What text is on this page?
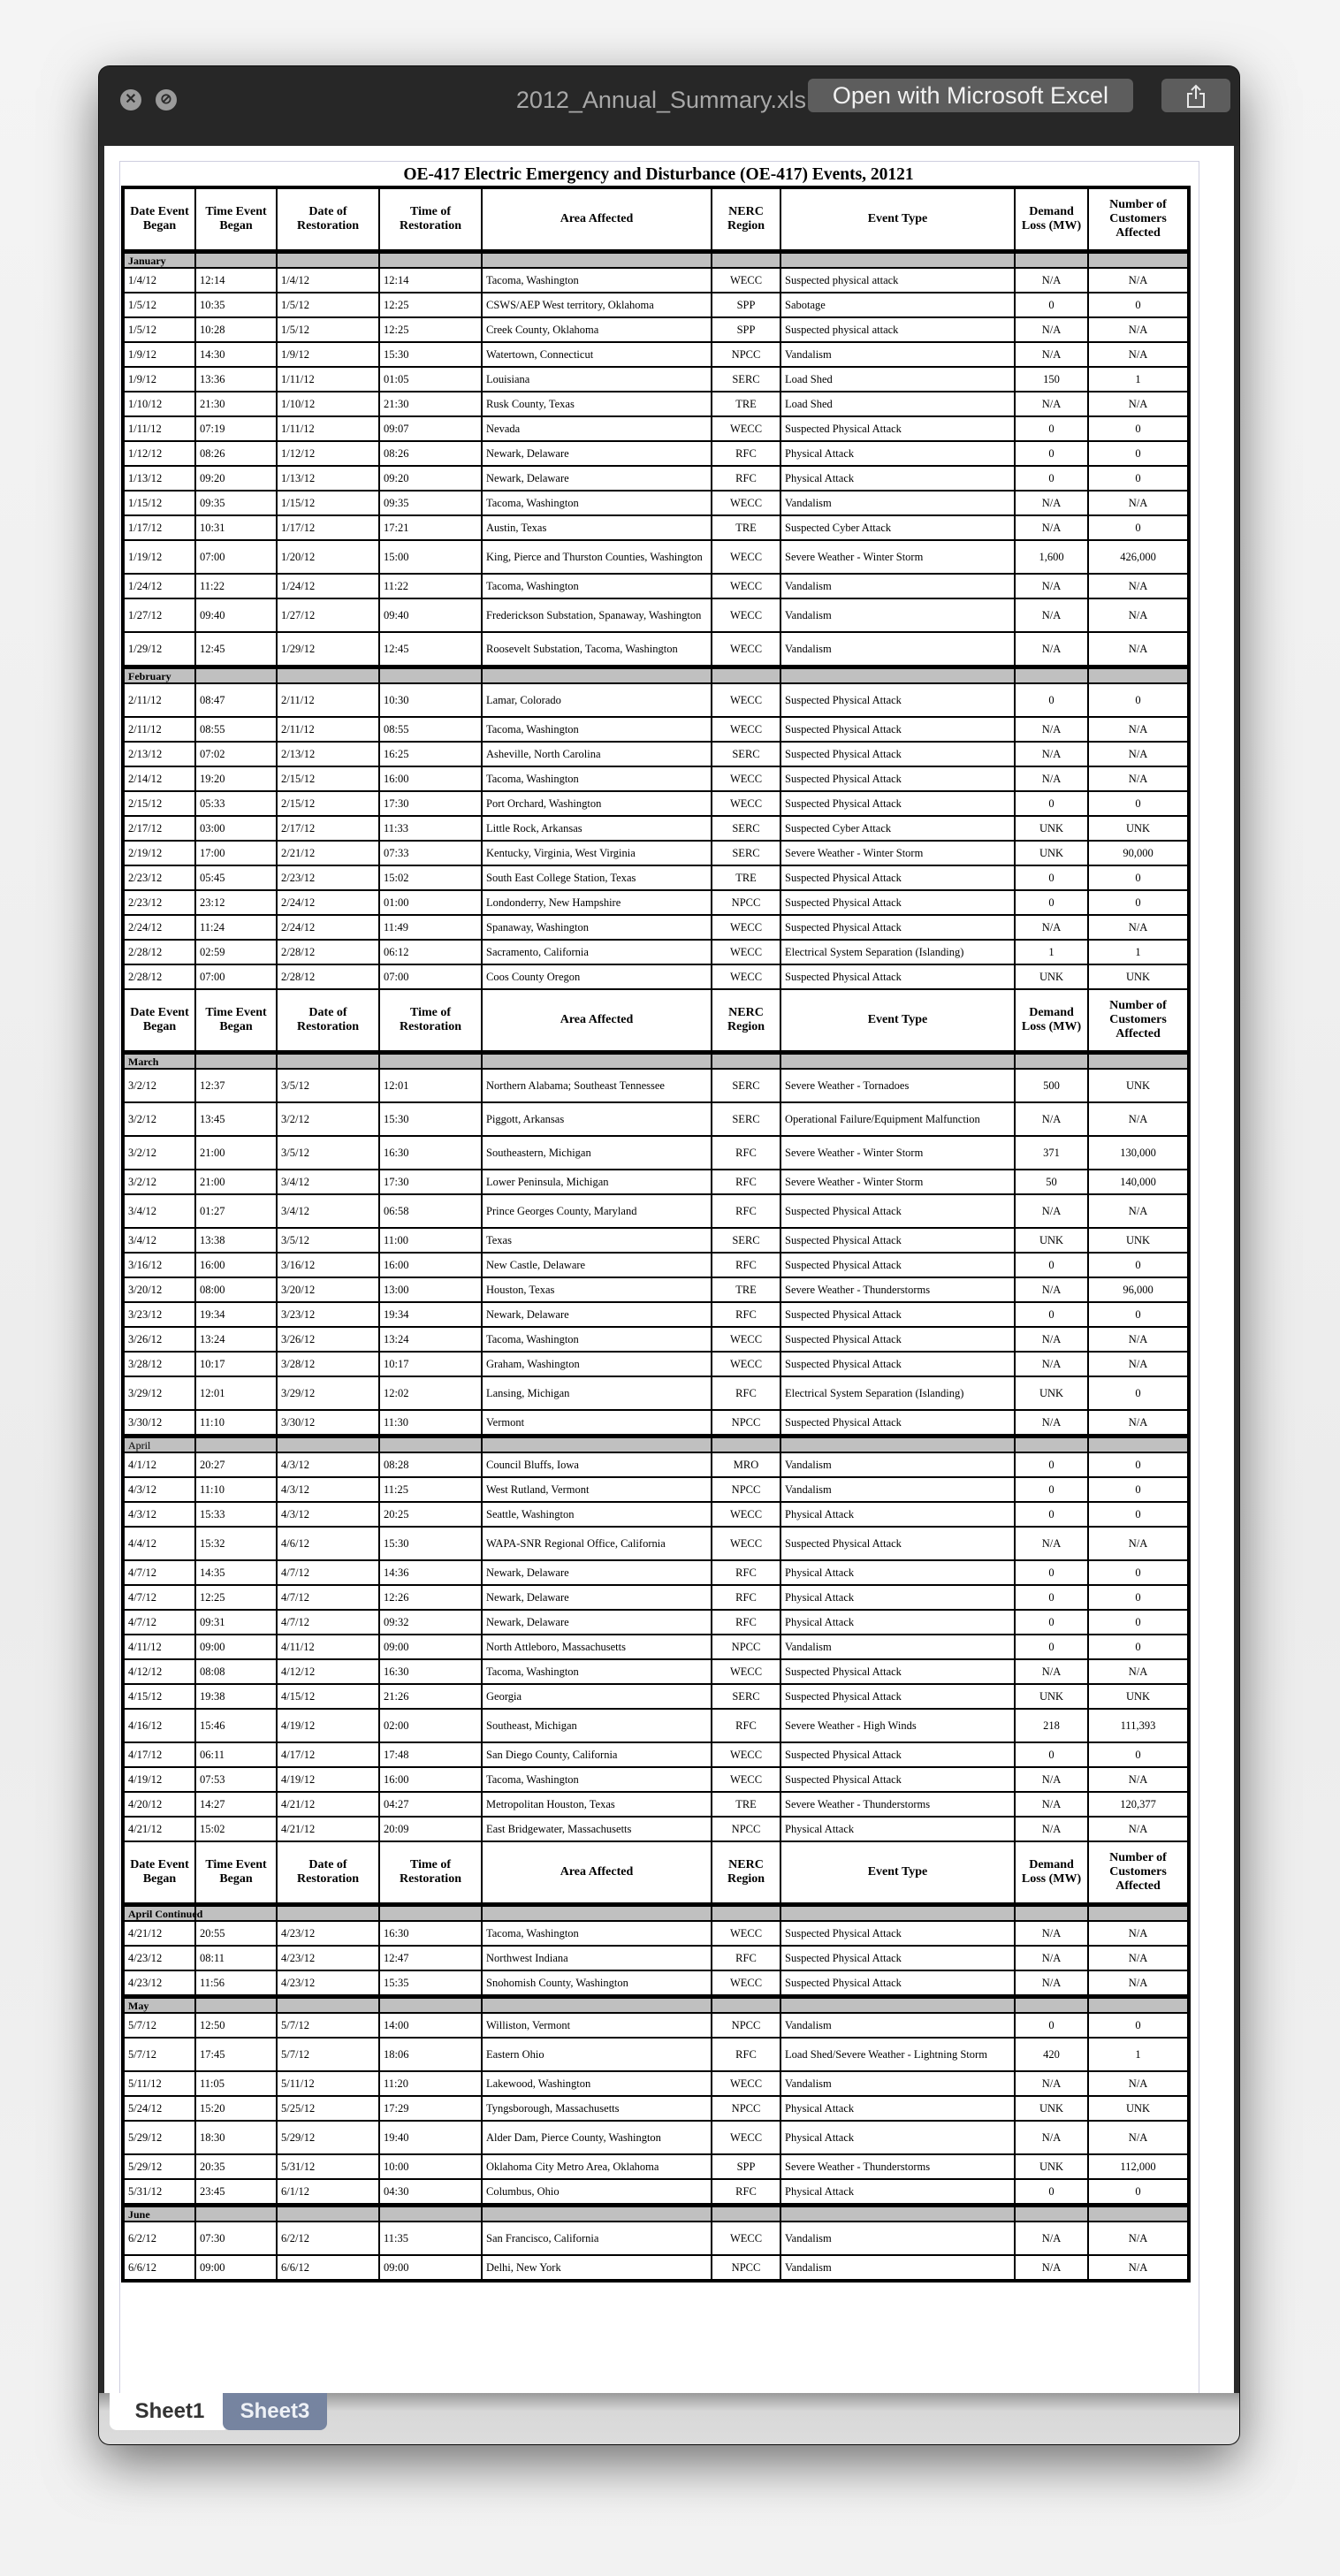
✕	⊘	2012_Annual_Summary.xls	Open with Microsoft Excel
OE-417 Electric Emergency and Disturbance (OE-417) Events, 20121
Date Event Began	Time Event Began	Date of Restoration	Time of Restoration	Area Affected	NERC Region	Event Type	Demand Loss (MW)	Number of Customers Affected
January								
1/4/12	12:14	1/4/12	12:14	Tacoma, Washington	WECC	Suspected physical attack	N/A	N/A
1/5/12	10:35	1/5/12	12:25	CSWS/AEP West territory, Oklahoma	SPP	Sabotage	0	0
1/5/12	10:28	1/5/12	12:25	Creek County, Oklahoma	SPP	Suspected physical attack	N/A	N/A
1/9/12	14:30	1/9/12	15:30	Watertown, Connecticut	NPCC	Vandalism	N/A	N/A
1/9/12	13:36	1/11/12	01:05	Louisiana	SERC	Load Shed	150	1
1/10/12	21:30	1/10/12	21:30	Rusk County, Texas	TRE	Load Shed	N/A	N/A
1/11/12	07:19	1/11/12	09:07	Nevada	WECC	Suspected Physical Attack	0	0
1/12/12	08:26	1/12/12	08:26	Newark, Delaware	RFC	Physical Attack	0	0
1/13/12	09:20	1/13/12	09:20	Newark, Delaware	RFC	Physical Attack	0	0
1/15/12	09:35	1/15/12	09:35	Tacoma, Washington	WECC	Vandalism	N/A	N/A
1/17/12	10:31	1/17/12	17:21	Austin, Texas	TRE	Suspected Cyber Attack	N/A	0
1/19/12	07:00	1/20/12	15:00	King, Pierce and Thurston Counties, Washington	WECC	Severe Weather - Winter Storm	1,600	426,000
1/24/12	11:22	1/24/12	11:22	Tacoma, Washington	WECC	Vandalism	N/A	N/A
1/27/12	09:40	1/27/12	09:40	Frederickson Substation, Spanaway, Washington	WECC	Vandalism	N/A	N/A
1/29/12	12:45	1/29/12	12:45	Roosevelt Substation, Tacoma, Washington	WECC	Vandalism	N/A	N/A
February								
2/11/12	08:47	2/11/12	10:30	Lamar, Colorado	WECC	Suspected Physical Attack	0	0
2/11/12	08:55	2/11/12	08:55	Tacoma, Washington	WECC	Suspected Physical Attack	N/A	N/A
2/13/12	07:02	2/13/12	16:25	Asheville, North Carolina	SERC	Suspected Physical Attack	N/A	N/A
2/14/12	19:20	2/15/12	16:00	Tacoma, Washington	WECC	Suspected Physical Attack	N/A	N/A
2/15/12	05:33	2/15/12	17:30	Port Orchard, Washington	WECC	Suspected Physical Attack	0	0
2/17/12	03:00	2/17/12	11:33	Little Rock, Arkansas	SERC	Suspected Cyber Attack	UNK	UNK
2/19/12	17:00	2/21/12	07:33	Kentucky, Virginia, West Virginia	SERC	Severe Weather - Winter Storm	UNK	90,000
2/23/12	05:45	2/23/12	15:02	South East College Station, Texas	TRE	Suspected Physical Attack	0	0
2/23/12	23:12	2/24/12	01:00	Londonderry, New Hampshire	NPCC	Suspected Physical Attack	0	0
2/24/12	11:24	2/24/12	11:49	Spanaway, Washington	WECC	Suspected Physical Attack	N/A	N/A
2/28/12	02:59	2/28/12	06:12	Sacramento, California	WECC	Electrical System Separation (Islanding)	1	1
2/28/12	07:00	2/28/12	07:00	Coos County Oregon	WECC	Suspected Physical Attack	UNK	UNK
Date Event Began	Time Event Began	Date of Restoration	Time of Restoration	Area Affected	NERC Region	Event Type	Demand Loss (MW)	Number of Customers Affected
March								
3/2/12	12:37	3/5/12	12:01	Northern Alabama; Southeast Tennessee	SERC	Severe Weather - Tornadoes	500	UNK
3/2/12	13:45	3/2/12	15:30	Piggott, Arkansas	SERC	Operational Failure/Equipment Malfunction	N/A	N/A
3/2/12	21:00	3/5/12	16:30	Southeastern, Michigan	RFC	Severe Weather - Winter Storm	371	130,000
3/2/12	21:00	3/4/12	17:30	Lower Peninsula, Michigan	RFC	Severe Weather - Winter Storm	50	140,000
3/4/12	01:27	3/4/12	06:58	Prince Georges County, Maryland	RFC	Suspected Physical Attack	N/A	N/A
3/4/12	13:38	3/5/12	11:00	Texas	SERC	Suspected Physical Attack	UNK	UNK
3/16/12	16:00	3/16/12	16:00	New Castle, Delaware	RFC	Suspected Physical Attack	0	0
3/20/12	08:00	3/20/12	13:00	Houston, Texas	TRE	Severe Weather - Thunderstorms	N/A	96,000
3/23/12	19:34	3/23/12	19:34	Newark, Delaware	RFC	Suspected Physical Attack	0	0
3/26/12	13:24	3/26/12	13:24	Tacoma, Washington	WECC	Suspected Physical Attack	N/A	N/A
3/28/12	10:17	3/28/12	10:17	Graham, Washington	WECC	Suspected Physical Attack	N/A	N/A
3/29/12	12:01	3/29/12	12:02	Lansing, Michigan	RFC	Electrical System Separation (Islanding)	UNK	0
3/30/12	11:10	3/30/12	11:30	Vermont	NPCC	Suspected Physical Attack	N/A	N/A
April								
4/1/12	20:27	4/3/12	08:28	Council Bluffs, Iowa	MRO	Vandalism	0	0
4/3/12	11:10	4/3/12	11:25	West Rutland, Vermont	NPCC	Vandalism	0	0
4/3/12	15:33	4/3/12	20:25	Seattle, Washington	WECC	Physical Attack	0	0
4/4/12	15:32	4/6/12	15:30	WAPA-SNR Regional Office, California	WECC	Suspected Physical Attack	N/A	N/A
4/7/12	14:35	4/7/12	14:36	Newark, Delaware	RFC	Physical Attack	0	0
4/7/12	12:25	4/7/12	12:26	Newark, Delaware	RFC	Physical Attack	0	0
4/7/12	09:31	4/7/12	09:32	Newark, Delaware	RFC	Physical Attack	0	0
4/11/12	09:00	4/11/12	09:00	North Attleboro, Massachusetts	NPCC	Vandalism	0	0
4/12/12	08:08	4/12/12	16:30	Tacoma, Washington	WECC	Suspected Physical Attack	N/A	N/A
4/15/12	19:38	4/15/12	21:26	Georgia	SERC	Suspected Physical Attack	UNK	UNK
4/16/12	15:46	4/19/12	02:00	Southeast, Michigan	RFC	Severe Weather - High Winds	218	111,393
4/17/12	06:11	4/17/12	17:48	San Diego County, California	WECC	Suspected Physical Attack	0	0
4/19/12	07:53	4/19/12	16:00	Tacoma, Washington	WECC	Suspected Physical Attack	N/A	N/A
4/20/12	14:27	4/21/12	04:27	Metropolitan Houston, Texas	TRE	Severe Weather - Thunderstorms	N/A	120,377
4/21/12	15:02	4/21/12	20:09	East Bridgewater, Massachusetts	NPCC	Physical Attack	N/A	N/A
Date Event Began	Time Event Began	Date of Restoration	Time of Restoration	Area Affected	NERC Region	Event Type	Demand Loss (MW)	Number of Customers Affected
April Continued								
4/21/12	20:55	4/23/12	16:30	Tacoma, Washington	WECC	Suspected Physical Attack	N/A	N/A
4/23/12	08:11	4/23/12	12:47	Northwest Indiana	RFC	Suspected Physical Attack	N/A	N/A
4/23/12	11:56	4/23/12	15:35	Snohomish County, Washington	WECC	Suspected Physical Attack	N/A	N/A
May								
5/7/12	12:50	5/7/12	14:00	Williston, Vermont	NPCC	Vandalism	0	0
5/7/12	17:45	5/7/12	18:06	Eastern Ohio	RFC	Load Shed/Severe Weather - Lightning Storm	420	1
5/11/12	11:05	5/11/12	11:20	Lakewood, Washington	WECC	Vandalism	N/A	N/A
5/24/12	15:20	5/25/12	17:29	Tyngsborough, Massachusetts	NPCC	Physical Attack	UNK	UNK
5/29/12	18:30	5/29/12	19:40	Alder Dam, Pierce County, Washington	WECC	Physical Attack	N/A	N/A
5/29/12	20:35	5/31/12	10:00	Oklahoma City Metro Area, Oklahoma	SPP	Severe Weather - Thunderstorms	UNK	112,000
5/31/12	23:45	6/1/12	04:30	Columbus, Ohio	RFC	Physical Attack	0	0
June								
6/2/12	07:30	6/2/12	11:35	San Francisco, California	WECC	Vandalism	N/A	N/A
6/6/12	09:00	6/6/12	09:00	Delhi, New York	NPCC	Vandalism	N/A	N/A
Sheet1	Sheet3
